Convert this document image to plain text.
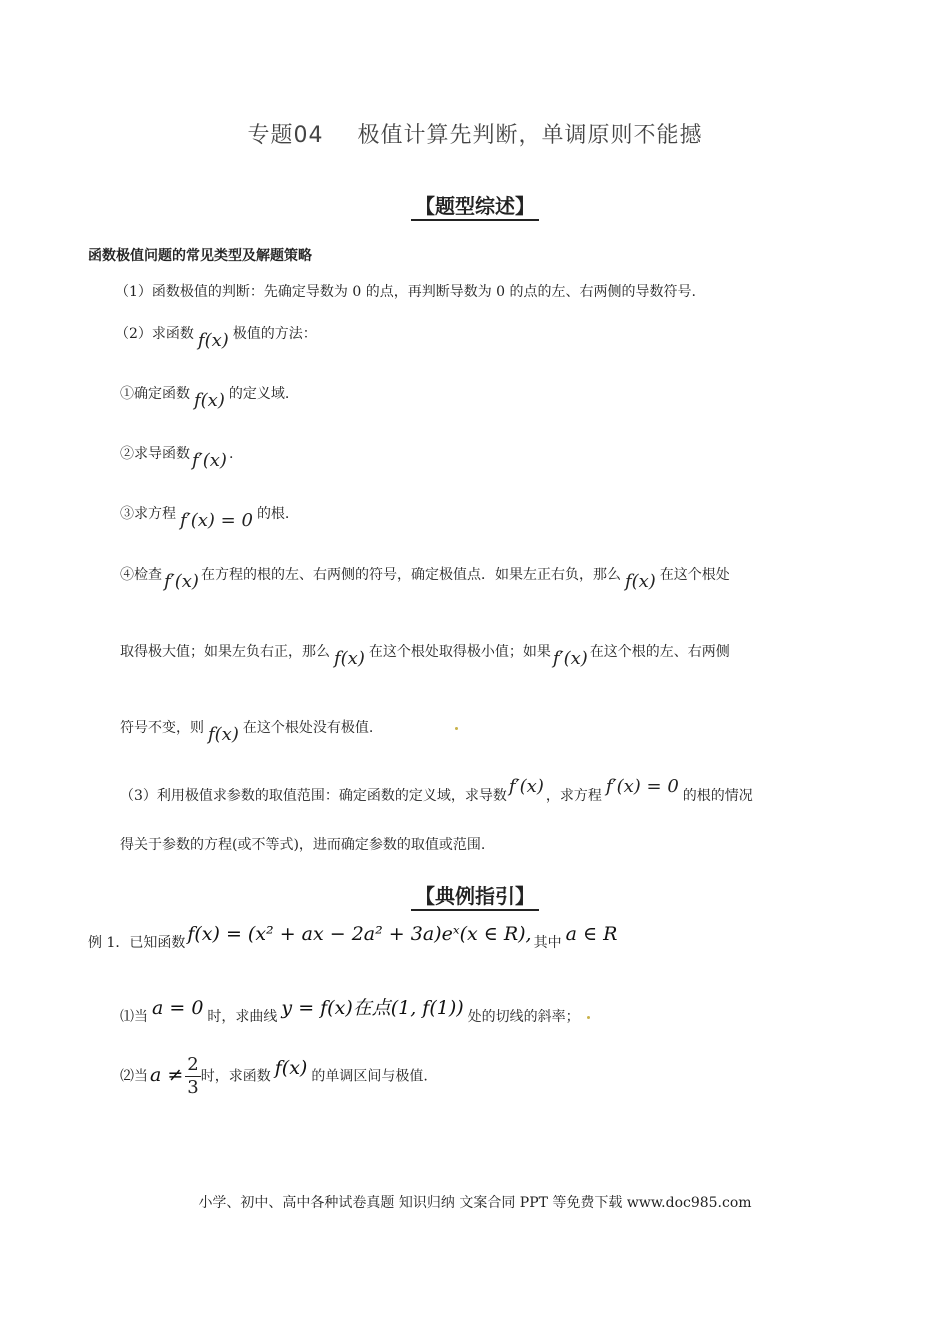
专题04 极值计算先判断，单调原则不能撼
【题型综述】
函数极值问题的常见类型及解题策略
（1）函数极值的判断：先确定导数为 0 的点，再判断导数为 0 的点的左、右两侧的导数符号.
（2）求函数 f(x) 极值的方法：
①确定函数 f(x) 的定义域.
②求导函数 f′(x) .
③求方程 f′(x) = 0 的根.
④检查 f′(x) 在方程的根的左、右两侧的符号，确定极值点．如果左正右负，那么 f(x) 在这个根处
取得极大值；如果左负右正，那么 f(x) 在这个根处取得极小值；如果 f′(x) 在这个根的左、右两侧
符号不变，则 f(x) 在这个根处没有极值.
（3）利用极值求参数的取值范围：确定函数的定义域，求导数 f′(x) ，求方程 f′(x) = 0 的根的情况
得关于参数的方程(或不等式)，进而确定参数的取值或范围.
【典例指引】
例 1．已知函数 f(x) = (x² + ax − 2a² + 3a)eˣ(x ∈ R), 其中 a ∈ R
⑴当 a = 0 时，求曲线 y = f(x)在点(1, f(1)) 处的切线的斜率；
⑵当 $a \ne \frac{2}{3}$ 时，求函数 f(x) 的单调区间与极值.
小学、初中、高中各种试卷真题 知识归纳 文案合同 PPT 等免费下载 www.doc985.com
